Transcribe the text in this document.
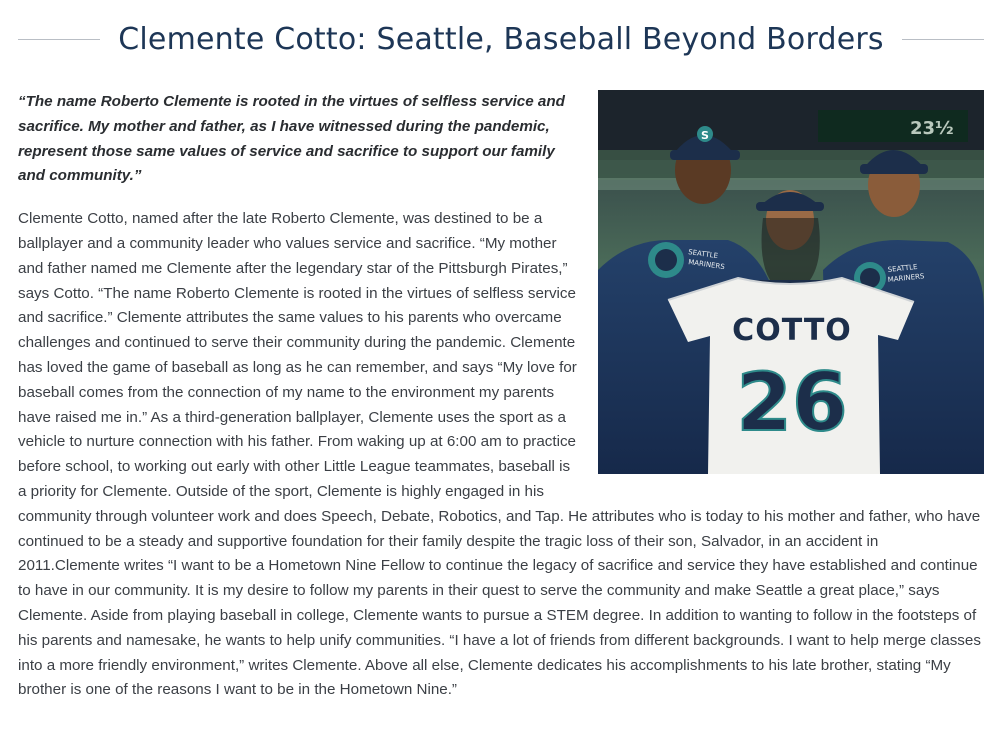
Clemente Cotto: Seattle, Baseball Beyond Borders
23½
S
SEATTLE
MARINERS	SEATTLE
MARINERS
COTTO
26

“The name Roberto Clemente is rooted in the virtues of selfless service and sacrifice. My mother and father, as I have witnessed during the pandemic, represent those same values of service and sacrifice to support our family and community.”

Clemente Cotto, named after the late Roberto Clemente, was destined to be a ballplayer and a community leader who values service and sacrifice. “My mother and father named me Clemente after the legendary star of the Pittsburgh Pirates,” says Cotto. “The name Roberto Clemente is rooted in the virtues of selfless service and sacrifice.” Clemente attributes the same values to his parents who overcame challenges and continued to serve their community during the pandemic. Clemente has loved the game of baseball as long as he can remember, and says “My love for baseball comes from the connection of my name to the environment my parents have raised me in.” As a third-generation ballplayer, Clemente uses the sport as a vehicle to nurture connection with his father. From waking up at 6:00 am to practice before school, to working out early with other Little League teammates, baseball is a priority for Clemente. Outside of the sport, Clemente is highly engaged in his community through volunteer work and does Speech, Debate, Robotics, and Tap. He attributes who is today to his mother and father, who have continued to be a steady and supportive foundation for their family despite the tragic loss of their son, Salvador, in an accident in 2011.Clemente writes “I want to be a Hometown Nine Fellow to continue the legacy of sacrifice and service they have established and continue to have in our community. It is my desire to follow my parents in their quest to serve the community and make Seattle a great place,” says Clemente. Aside from playing baseball in college, Clemente wants to pursue a STEM degree. In addition to wanting to follow in the footsteps of his parents and namesake, he wants to help unify communities. “I have a lot of friends from different backgrounds. I want to help merge classes into a more friendly environment,” writes Clemente. Above all else, Clemente dedicates his accomplishments to his late brother, stating “My brother is one of the reasons I want to be in the Hometown Nine.”
